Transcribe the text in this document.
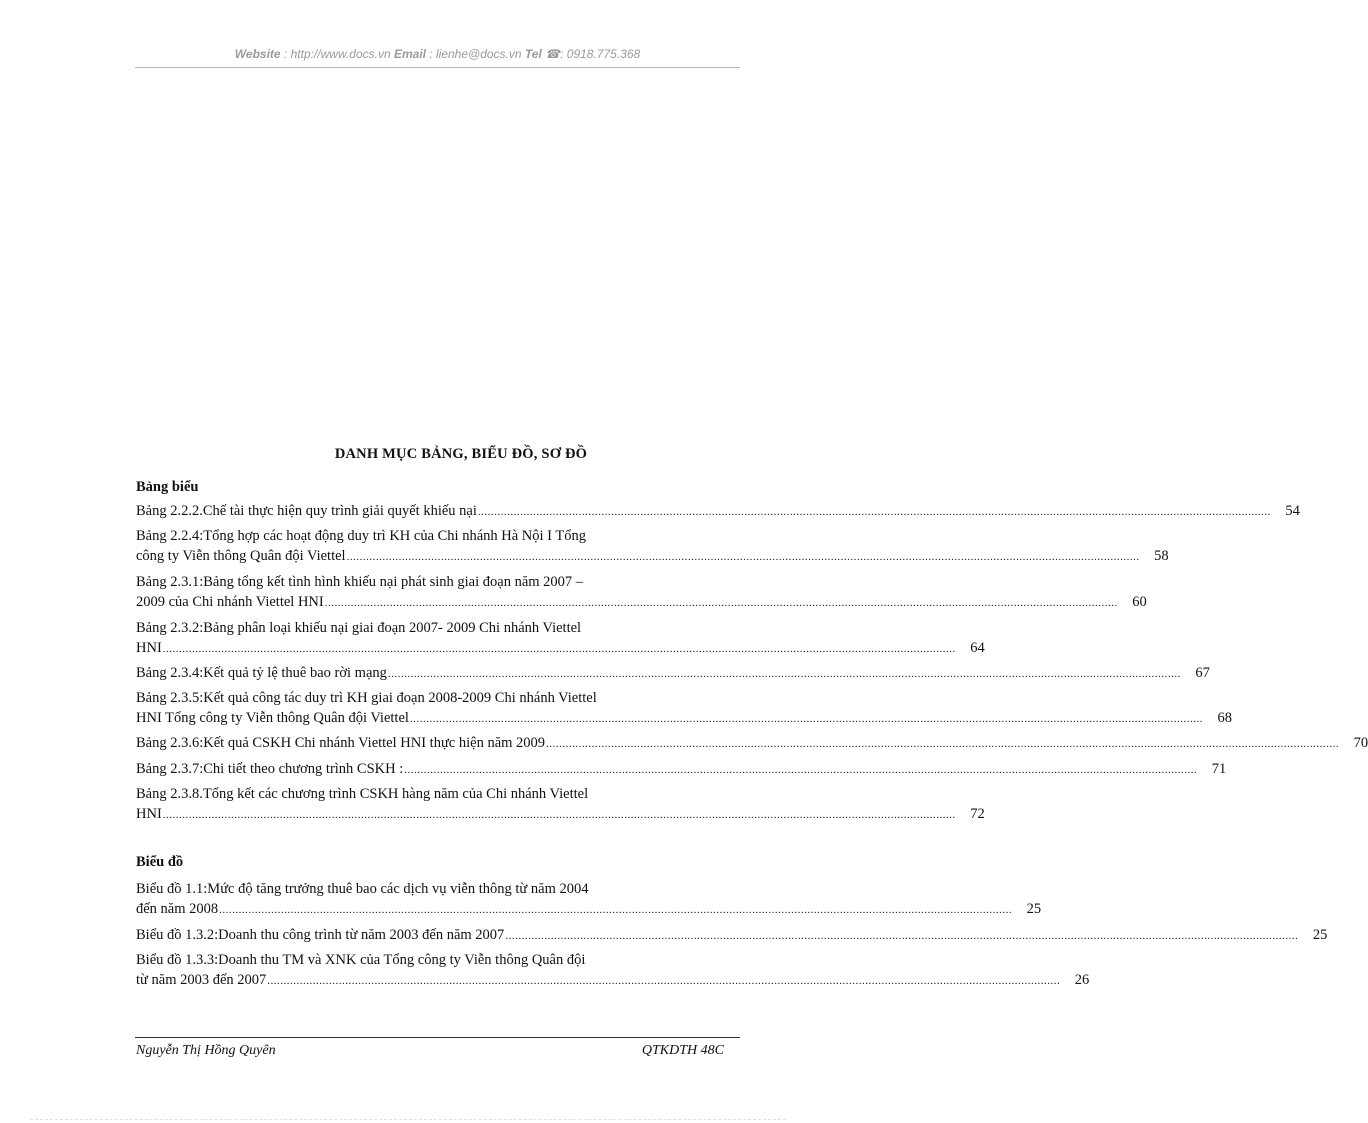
Website : http://www.docs.vn Email : lienhe@docs.vn Tel ☎: 0918.775.368
DANH MỤC BẢNG, BIỂU ĐỒ, SƠ ĐỒ
Bảng biểu
Bảng 2.2.2. Chế tài thực hiện quy trình giải quyết khiếu nại .....	54
Bảng 2.2.4: Tổng hợp các hoạt động duy trì KH của Chi nhánh Hà Nội I Tổng
công ty Viễn thông Quân đội Viettel .....	58
Bảng 2.3.1: Bảng tổng kết tình hình khiếu nại phát sinh giai đoạn năm 2007 –
2009 của Chi nhánh Viettel HNI .....	60
Bảng 2.3.2: Bảng phân loại khiếu nại giai đoạn 2007- 2009 Chi nhánh Viettel
HNI .....	64
Bảng 2.3.4: Kết quả tỷ lệ thuê bao rời mạng .....	67
Bảng 2.3.5: Kết quả công tác duy trì KH giai đoạn 2008-2009 Chi nhánh Viettel
HNI Tổng công ty Viễn thông Quân đội Viettel .....	68
Bảng 2.3.6: Kết quả CSKH Chi nhánh Viettel HNI thực hiện năm 2009 .....	70
Bảng 2.3.7: Chi tiết theo chương trình CSKH : .....	71
Bảng 2.3.8. Tổng kết các chương trình CSKH hàng năm của Chi nhánh Viettel
HNI .....	72
Biểu đồ
Biểu đồ 1.1: Mức độ tăng trưởng thuê bao các dịch vụ viễn thông từ năm 2004
đến năm 2008 .....	25
Biểu đồ 1.3.2: Doanh thu công trình từ năm 2003 đến năm 2007 .....	25
Biểu đồ 1.3.3: Doanh thu TM và XNK của Tổng công ty Viễn thông Quân đội
từ năm 2003 đến 2007 .....	26
Nguyễn Thị Hồng Quyên	QTKDTH 48C
